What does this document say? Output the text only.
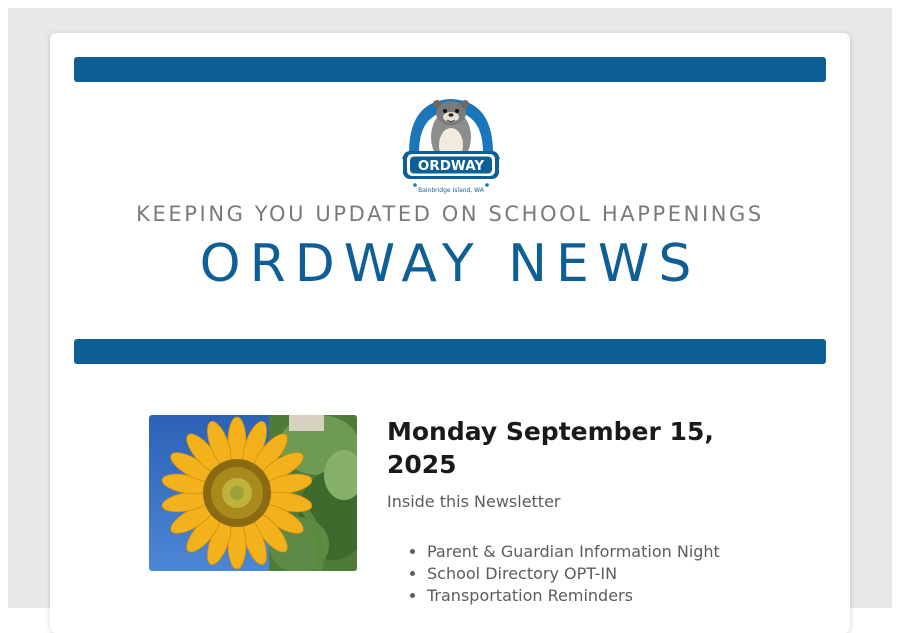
ORDWAY
Bainbridge Island, WA
KEEPING YOU UPDATED ON SCHOOL HAPPENINGS
ORDWAY NEWS
Monday September 15, 2025

Inside this Newsletter

• Parent & Guardian Information Night
• School Directory OPT-IN
• Transportation Reminders
